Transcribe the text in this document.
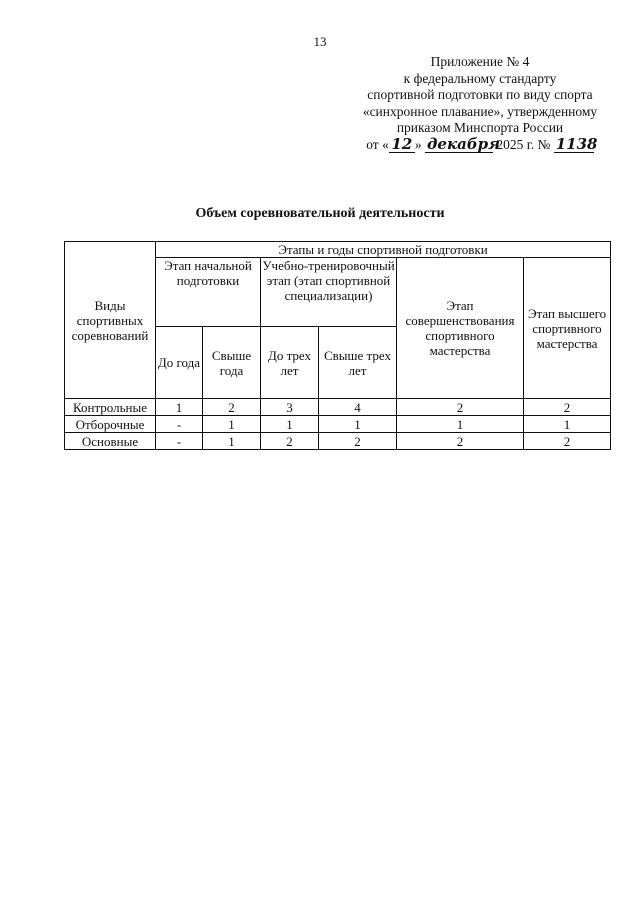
13
Приложение № 4
к федеральному стандарту
спортивной подготовки по виду спорта
«синхронное плавание», утвержденному
приказом Минспорта России
от « 12 » декабря 2025 г. № 1138
Объем соревновательной деятельности
Виды спортивных соревнований	Этапы и годы спортивной подготовки					
	Этап начальной подготовки		Учебно-тренировочный этап (этап спортивной специализации)		Этап совершенствования спортивного мастерства	Этап высшего спортивного мастерства
	До года	Свыше года	До трех лет	Свыше трех лет		
Контрольные	1	2	3	4	2	2
Отборочные	-	1	1	1	1	1
Основные	-	1	2	2	2	2
